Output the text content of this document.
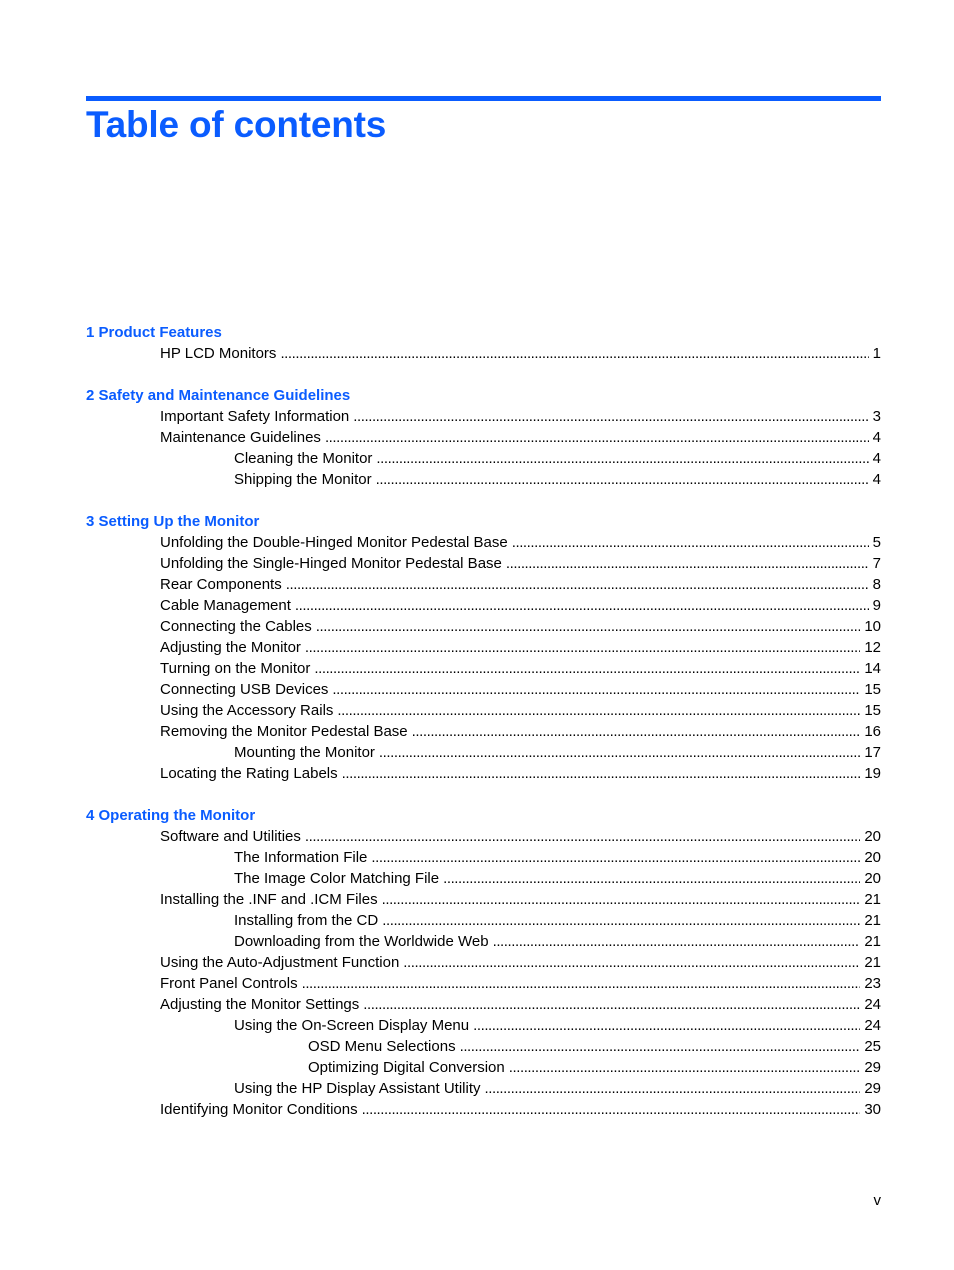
Table of contents
1 Product Features
HP LCD Monitors . . .	1
2 Safety and Maintenance Guidelines
Important Safety Information . . .	3
Maintenance Guidelines . . .	4
Cleaning the Monitor . . .	4
Shipping the Monitor . . .	4
3 Setting Up the Monitor
Unfolding the Double-Hinged Monitor Pedestal Base . . .	5
Unfolding the Single-Hinged Monitor Pedestal Base . . .	7
Rear Components . . .	8
Cable Management . . .	9
Connecting the Cables . . .	10
Adjusting the Monitor . . .	12
Turning on the Monitor . . .	14
Connecting USB Devices . . .	15
Using the Accessory Rails . . .	15
Removing the Monitor Pedestal Base . . .	16
Mounting the Monitor . . .	17
Locating the Rating Labels . . .	19
4 Operating the Monitor
Software and Utilities . . .	20
The Information File . . .	20
The Image Color Matching File . . .	20
Installing the .INF and .ICM Files . . .	21
Installing from the CD . . .	21
Downloading from the Worldwide Web . . .	21
Using the Auto-Adjustment Function . . .	21
Front Panel Controls . . .	23
Adjusting the Monitor Settings . . .	24
Using the On-Screen Display Menu . . .	24
OSD Menu Selections . . .	25
Optimizing Digital Conversion . . .	29
Using the HP Display Assistant Utility . . .	29
Identifying Monitor Conditions . . .	30
v
